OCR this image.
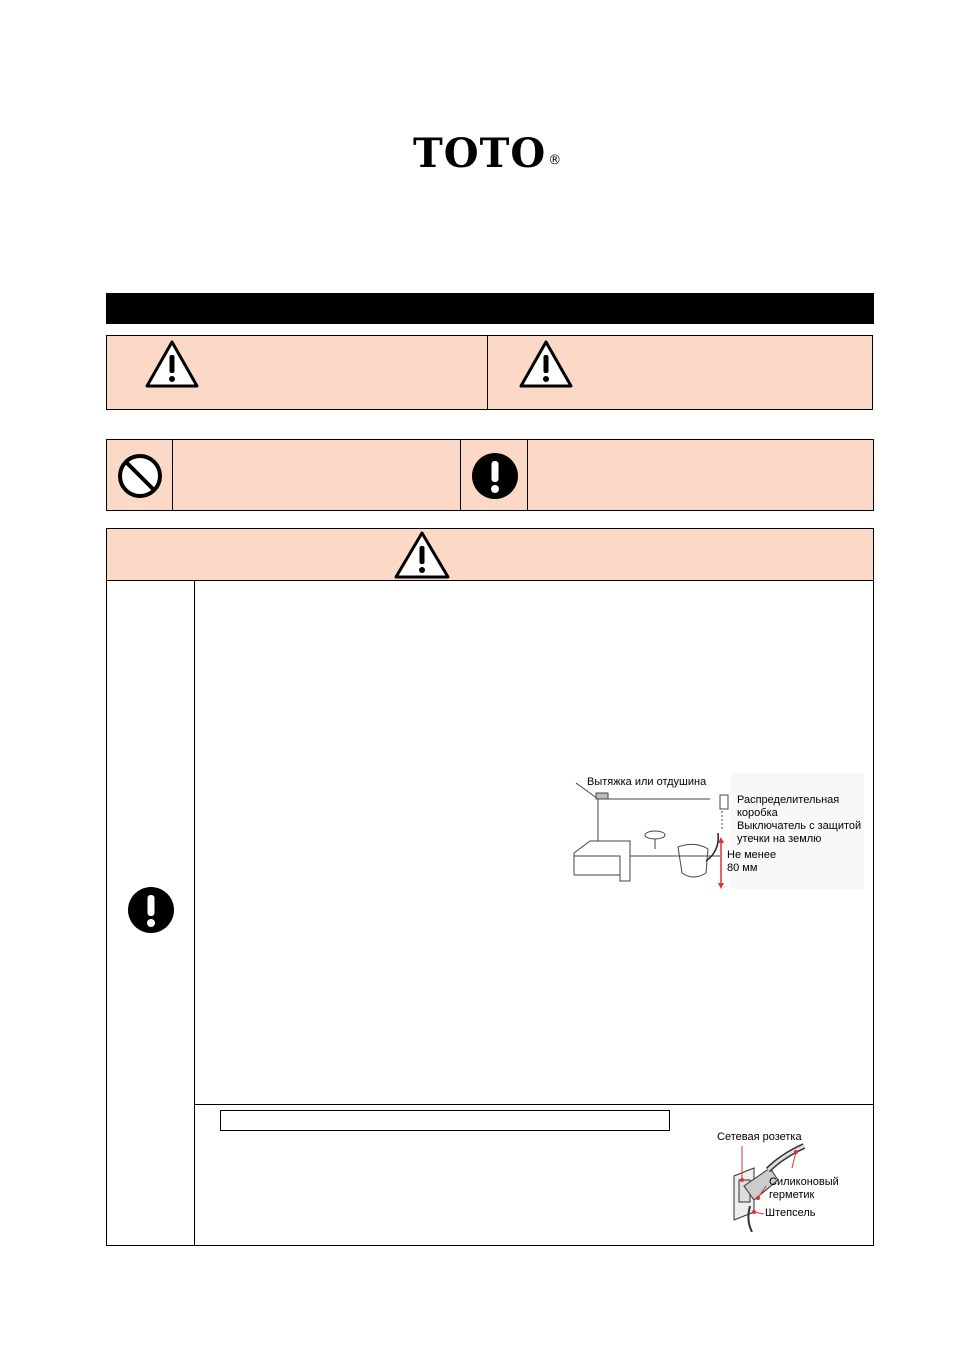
TOTO ®
Вытяжка или отдушина
Распределительная
коробка
Выключатель с защитой
утечки на землю
Не менее
80 мм
Сетевая розетка
Силиконовый
герметик
Штепсель
